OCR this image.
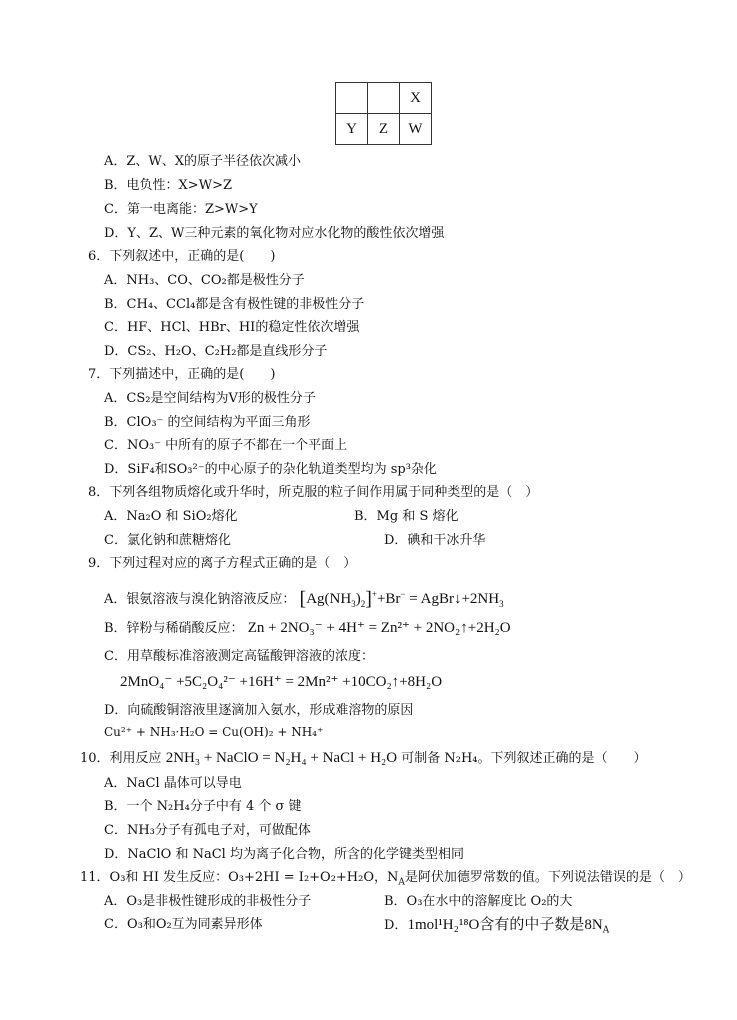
		X
Y	Z	W
A．Z、W、X的原子半径依次减小
B．电负性：X>W>Z
C．第一电离能：Z>W>Y
D．Y、Z、W三种元素的氧化物对应水化物的酸性依次增强
6．下列叙述中，正确的是(　　)
A．NH₃、CO、CO₂都是极性分子
B．CH₄、CCl₄都是含有极性键的非极性分子
C．HF、HCl、HBr、HI的稳定性依次增强
D．CS₂、H₂O、C₂H₂都是直线形分子
7．下列描述中，正确的是(　　)
A．CS₂是空间结构为V形的极性分子
B．ClO₃⁻ 的空间结构为平面三角形
C．NO₃⁻ 中所有的原子不都在一个平面上
D．SiF₄和SO₃²⁻的中心原子的杂化轨道类型均为 sp³杂化
8．下列各组物质熔化或升华时，所克服的粒子间作用属于同种类型的是（　）
A．Na₂O 和 SiO₂熔化	B．Mg 和 S 熔化
C．氯化钠和蔗糖熔化	D．碘和干冰升华
9．下列过程对应的离子方程式正确的是（　）
A．银氨溶液与溴化钠溶液反应： $[Ag(NH_3)_2]^++Br^-$ = $AgBr↓+2NH_3$
B．锌粉与稀硝酸反应： Zn + 2NO₃⁻ + 4H⁺ = Zn²⁺ + 2NO₂↑+2H₂O
C．用草酸标准溶液测定高锰酸钾溶液的浓度：
2MnO₄⁻ +5C₂O₄²⁻ +16H⁺ = 2Mn²⁺ +10CO₂↑+8H₂O
D．向硫酸铜溶液里逐滴加入氨水，形成难溶物的原因
Cu²⁺ + NH₃·H₂O = Cu(OH)₂ + NH₄⁺
10．利用反应 2NH₃ + NaClO = N₂H₄ + NaCl + H₂O 可制备 N₂H₄。下列叙述正确的是（　　）
A．NaCl 晶体可以导电
B．一个 N₂H₄分子中有 4 个 σ 键
C．NH₃分子有孤电子对，可做配体
D．NaClO 和 NaCl 均为离子化合物，所含的化学键类型相同
11．O₃和 HI 发生反应：O₃+2HI = I₂+O₂+H₂O，$N_A$是阿伏加德罗常数的值。下列说法错误的是（　）
A．O₃是非极性键形成的非极性分子	B．O₃在水中的溶解度比 O₂的大
C．O₃和O₂互为同素异形体	D．1mol¹H₂¹⁸O含有的中子数是$8N_A$
